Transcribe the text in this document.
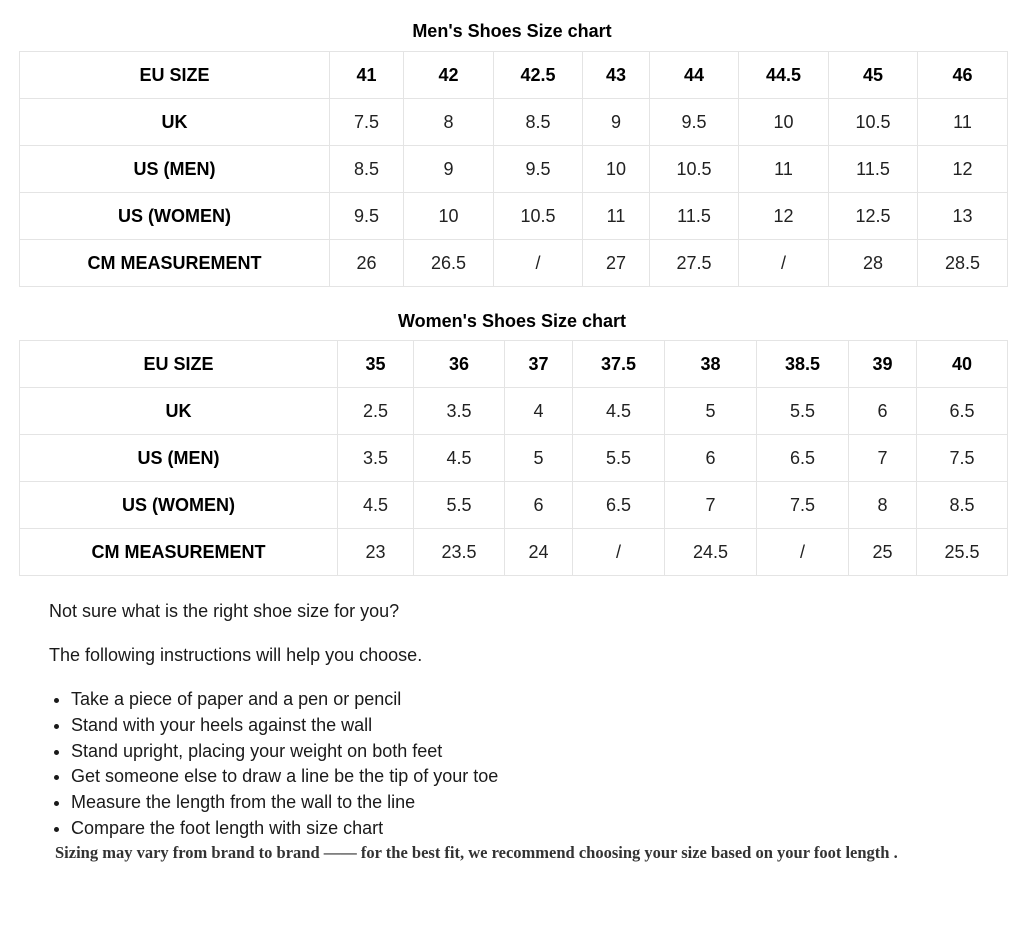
Men's Shoes Size chart
EU SIZE	41	42	42.5	43	44	44.5	45	46
UK	7.5	8	8.5	9	9.5	10	10.5	11
US (MEN)	8.5	9	9.5	10	10.5	11	11.5	12
US (WOMEN)	9.5	10	10.5	11	11.5	12	12.5	13
CM MEASUREMENT	26	26.5	/	27	27.5	/	28	28.5
Women's Shoes Size chart
EU SIZE	35	36	37	37.5	38	38.5	39	40
UK	2.5	3.5	4	4.5	5	5.5	6	6.5
US (MEN)	3.5	4.5	5	5.5	6	6.5	7	7.5
US (WOMEN)	4.5	5.5	6	6.5	7	7.5	8	8.5
CM MEASUREMENT	23	23.5	24	/	24.5	/	25	25.5

Not sure what is the right shoe size for you?

The following instructions will help you choose.

• Take a piece of paper and a pen or pencil
• Stand with your heels against the wall
• Stand upright, placing your weight on both feet
• Get someone else to draw a line be the tip of your toe
• Measure the length from the wall to the line
• Compare the foot length with size chart
Sizing may vary from brand to brand —— for the best fit, we recommend choosing your size based on your foot length .
